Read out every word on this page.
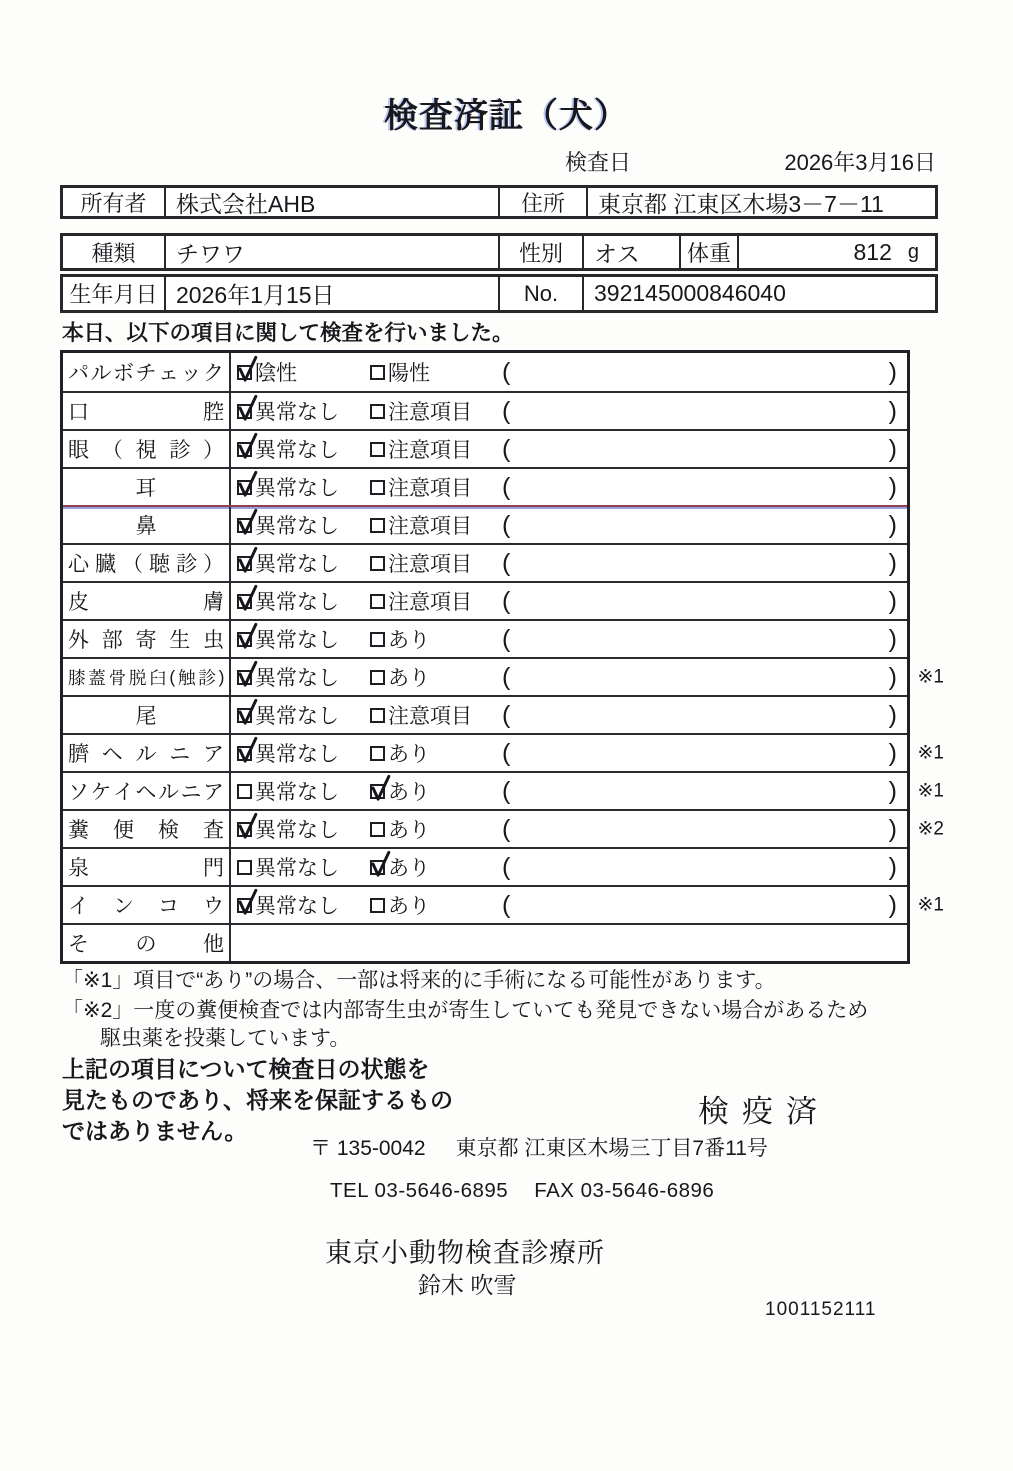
検査済証（犬）
検査日	2026年3月16日
所有者	株式会社AHB	住所	東京都 江東区木場3－7－11
種類	チワワ	性別	オス	体重	812 g
生年月日 2026年1月15日	No.	392145000846040
本日、以下の項目に関して検査を行いました。
パ ル ボ チ ェ ッ ク 陰性	陽性	(	)
口	腔 異常なし 注意項目 (	)
眼 （ 視 診 ） 異常なし 注意項目 (	)
耳	異常なし 注意項目 (	)
鼻	異常なし 注意項目 (	)
心 臓 （ 聴 診 ） 異常なし 注意項目 (	)
皮	膚 異常なし 注意項目 (	)
外 部 寄 生 虫 異常なし あり	(	)
膝 蓋 骨 脱 臼 ( 触 診 ) 異常なし あり	(	) ※1
尾	異常なし 注意項目 (	)
臍 ヘ ル ニ ア 異常なし あり	(	) ※1
ソ ケ イ ヘ ル ニ ア 異常なし あり	(	) ※1
糞 便 検 査 異常なし あり	(	) ※2
泉	門 異常なし あり	(	)
イ ン コ ウ 異常なし あり	(	) ※1
そ の 他
「※1」項目で“あり”の場合、一部は将来的に手術になる可能性があります。
「※2」一度の糞便検査では内部寄生虫が寄生していても発見できない場合があるため
駆虫薬を投薬しています。
上記の項目について検査日の状態を
見たものであり、将来を保証するもの
ではありません。
検疫済
〒 135-0042 東京都 江東区木場三丁目7番11号
TEL 03-5646-6895 FAX 03-5646-6896
東京小動物検査診療所
鈴木 吹雪
1001152111
